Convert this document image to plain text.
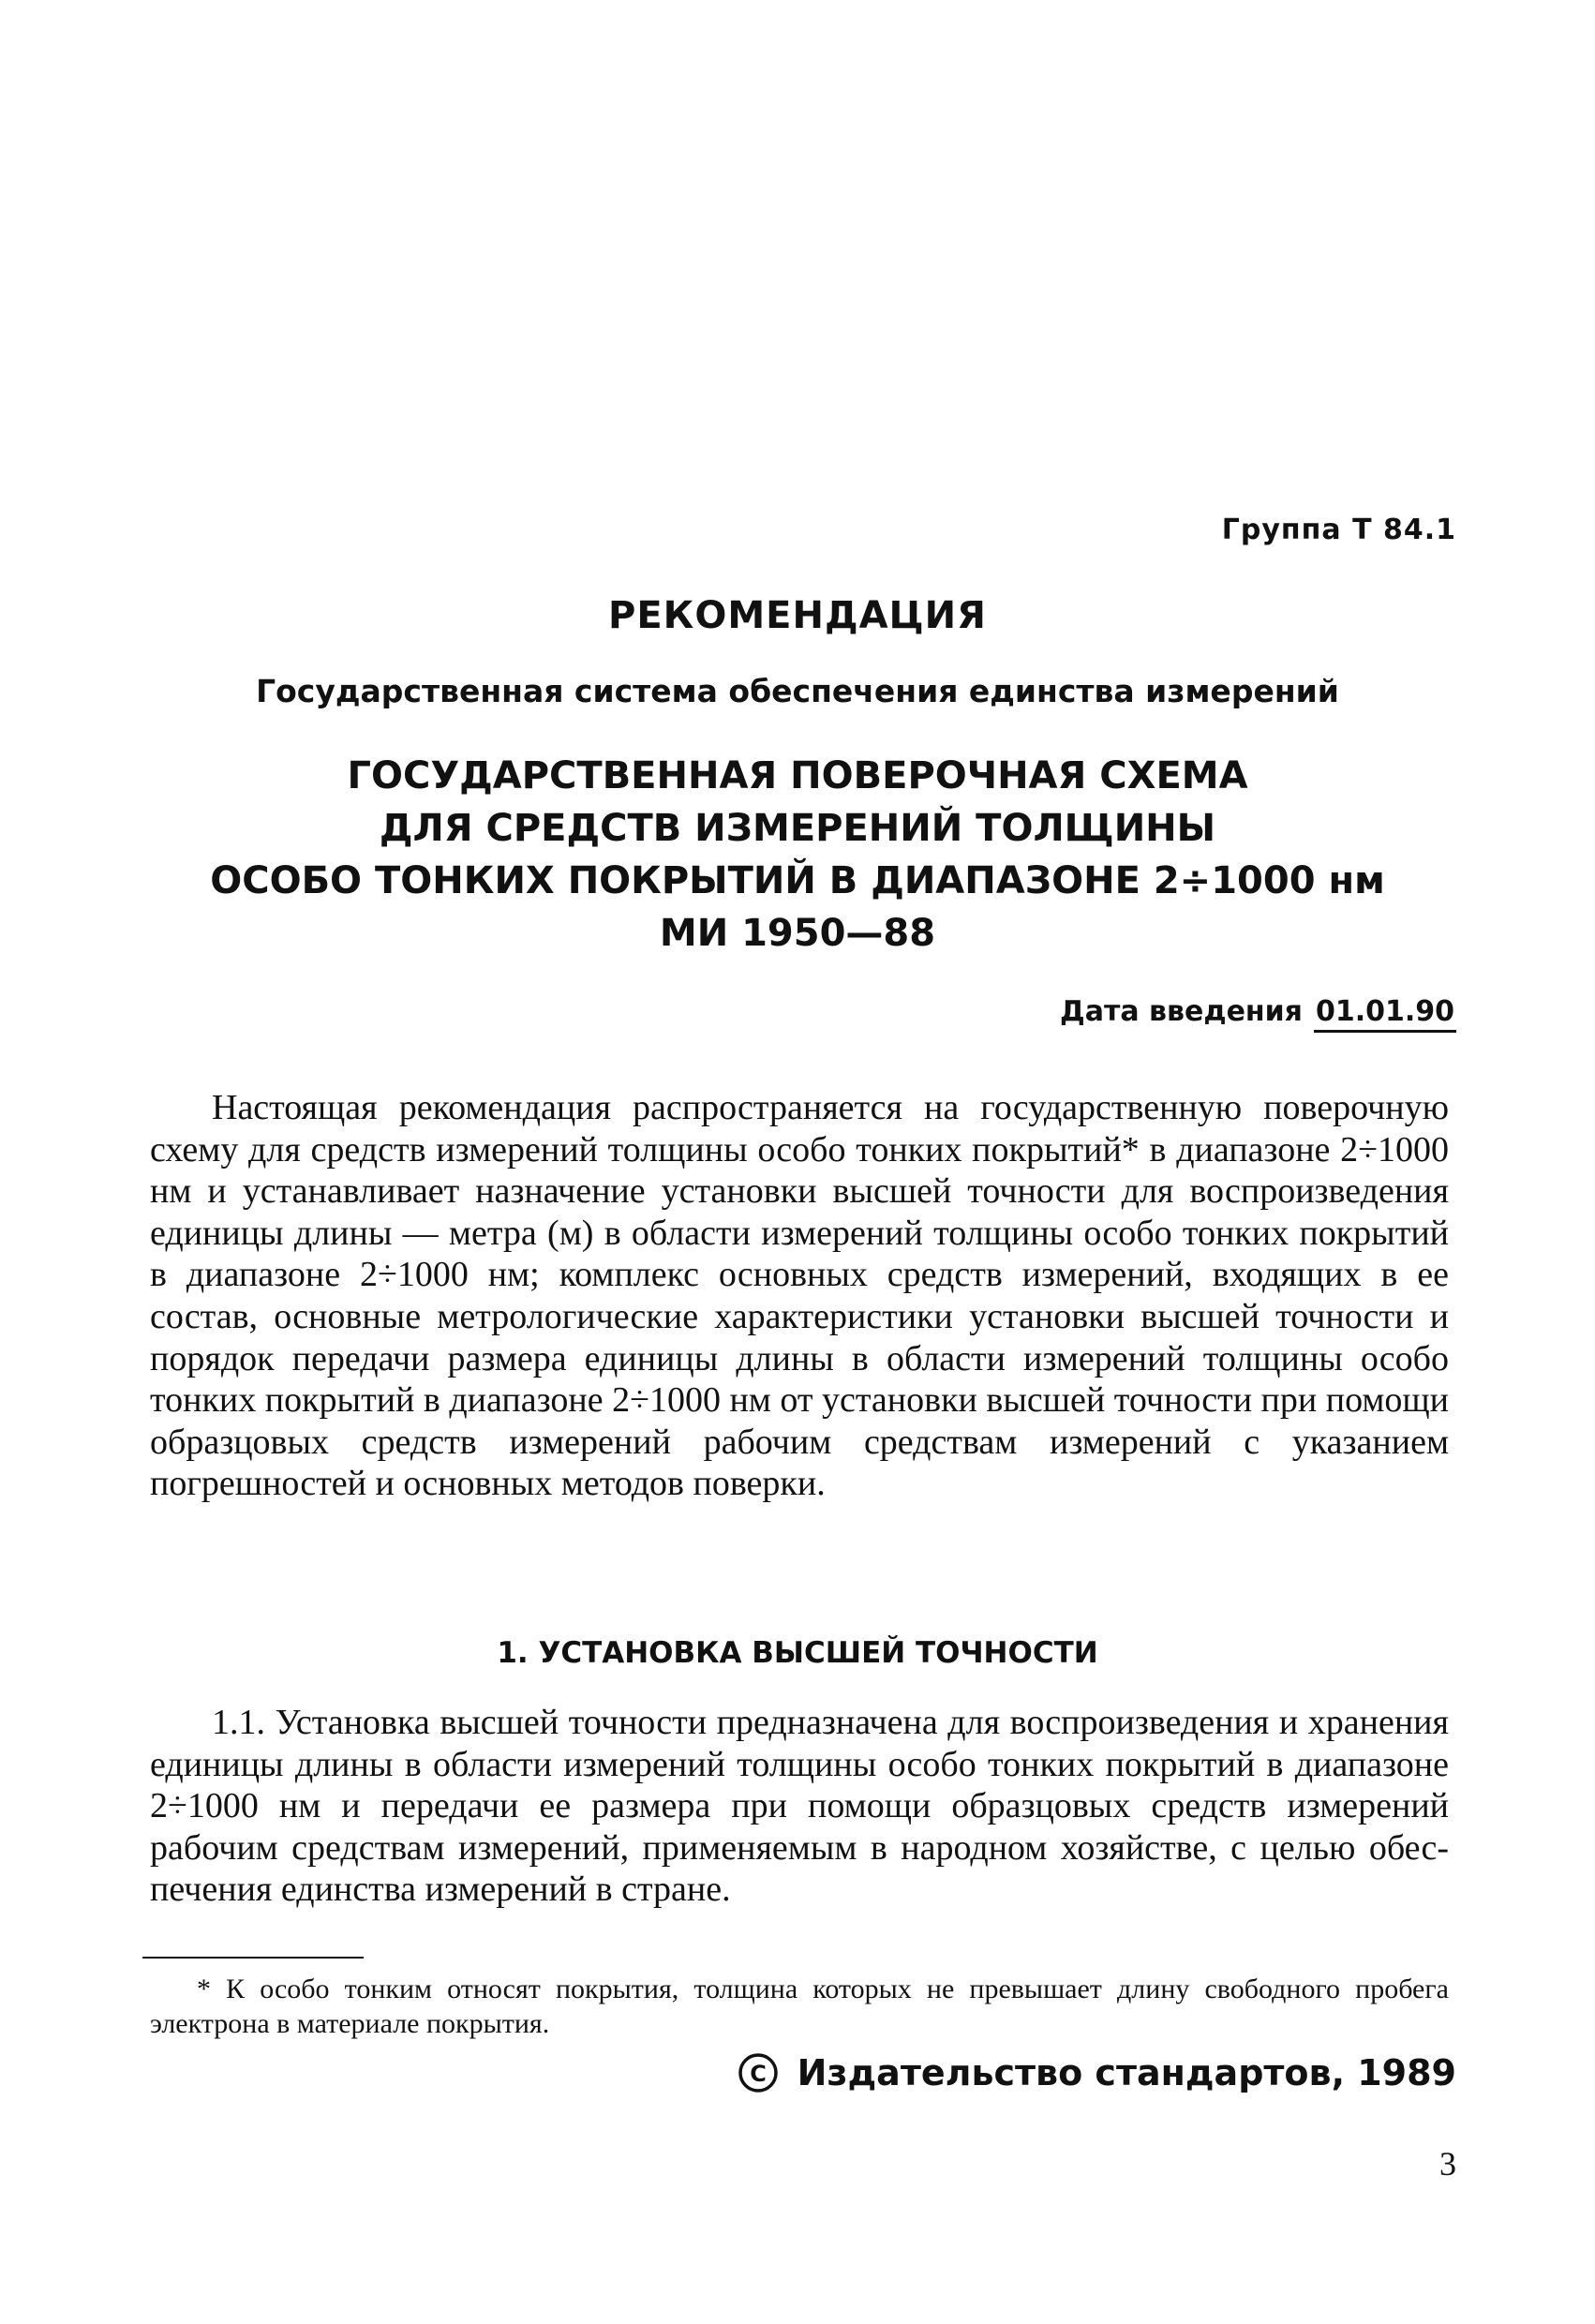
Группа Т 84.1
РЕКОМЕНДАЦИЯ
Государственная система обеспечения единства измерений
ГОСУДАРСТВЕННАЯ ПОВЕРОЧНАЯ СХЕМА
ДЛЯ СРЕДСТВ ИЗМЕРЕНИЙ ТОЛЩИНЫ
ОСОБО ТОНКИХ ПОКРЫТИЙ В ДИАПАЗОНЕ 2÷1000 нм
МИ 1950—88
Дата введения 01.01.90
Настоящая рекомендация распространяется на государственную поверочную схему для средств измерений толщины особо тонких покрытий* в диапазоне 2÷1000 нм и устанавливает назначение установки высшей точности для воспроизведения единицы длины — метра (м) в области измерений толщины особо тонких покрытий в диапазоне 2÷1000 нм; комплекс основных средств измерений, входящих в ее состав, основные метрологические характеристики установки высшей точности и порядок передачи размера единицы длины в области измерений толщины особо тонких покрытий в диапазоне 2÷1000 нм от установки высшей точности при помощи образцовых средств измерений рабочим средствам измерений с указанием погрешностей и основных методов поверки.
1. УСТАНОВКА ВЫСШЕЙ ТОЧНОСТИ
1.1. Установка высшей точности предназначена для воспроизведения и хранения единицы длины в области измерений толщины особо тонких покрытий в диапазоне 2÷1000 нм и передачи ее размера при помощи образцовых средств измерений рабочим средствам измерений, применяемым в народном хозяйстве, с целью обеспечения единства измерений в стране.
* К особо тонким относят покрытия, толщина которых не превышает длину свободного пробега электрона в материале покрытия.
C Издательство стандартов, 1989
3
